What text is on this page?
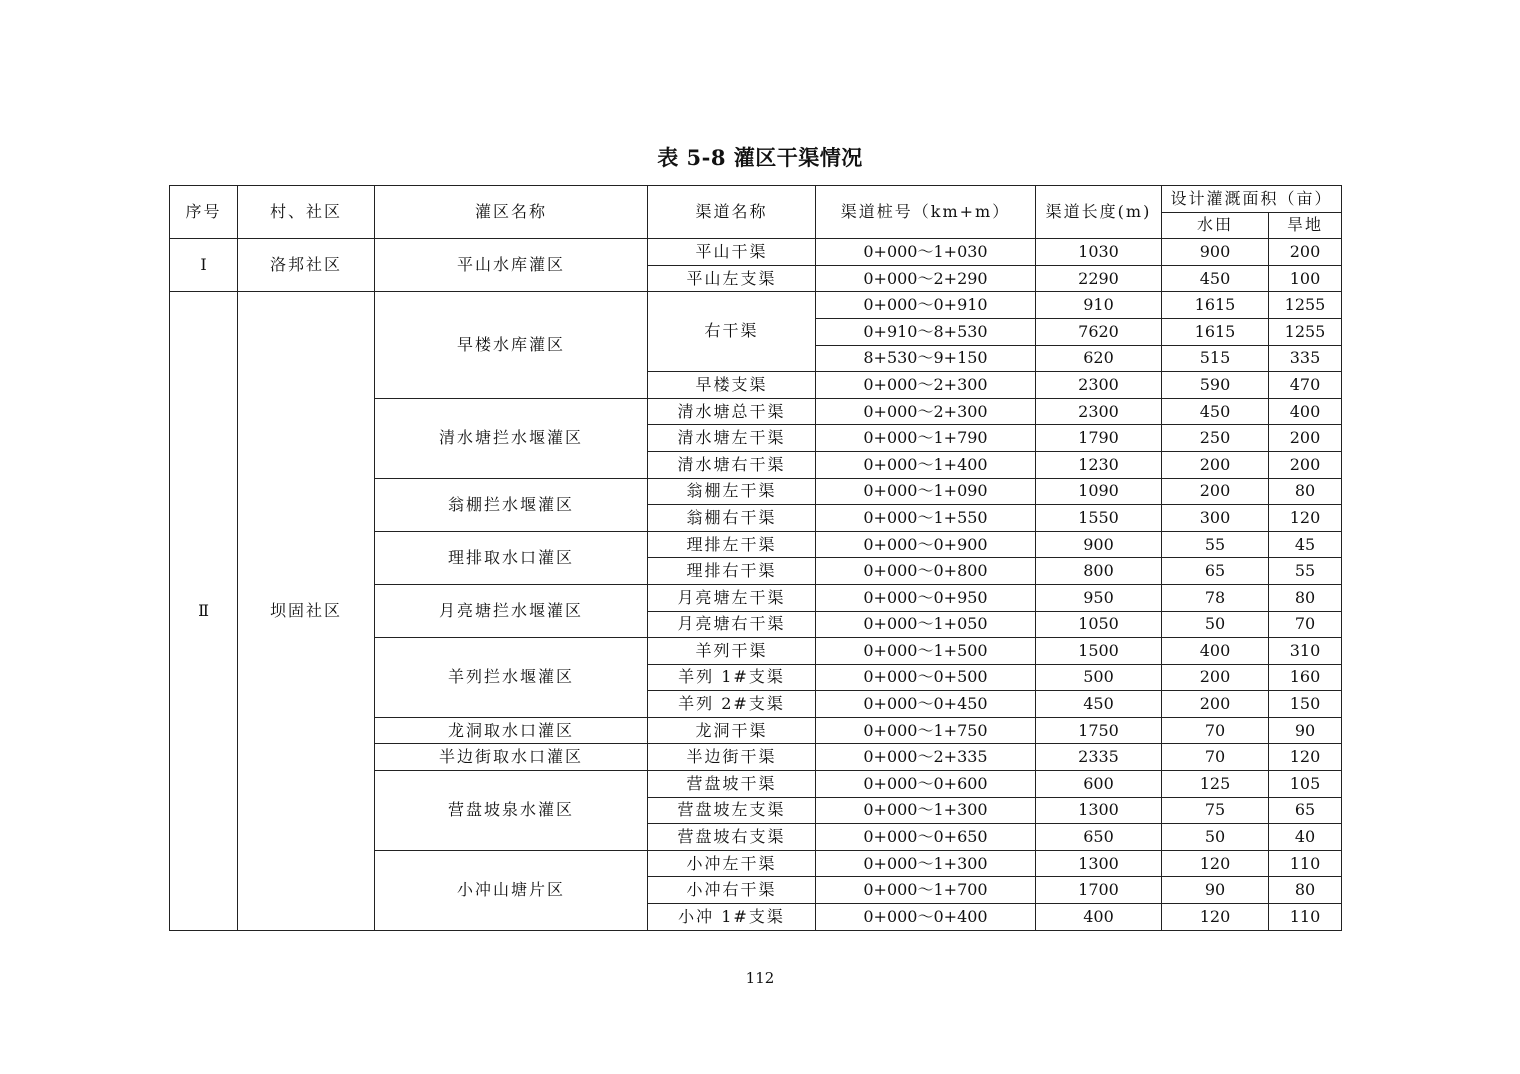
表 5-8 灌区干渠情况
序号	村、社区	灌区名称	渠道名称	渠道桩号（km+m）	渠道长度(m)	设计灌溉面积（亩）	
						水田	旱地
Ⅰ	洛邦社区	平山水库灌区	平山干渠	0+000～1+030	1030	900	200
			平山左支渠	0+000～2+290	2290	450	100
Ⅱ	坝固社区	早楼水库灌区	右干渠	0+000～0+910	910	1615	1255
				0+910～8+530	7620	1615	1255
				8+530～9+150	620	515	335
			早楼支渠	0+000～2+300	2300	590	470
		清水塘拦水堰灌区	清水塘总干渠	0+000～2+300	2300	450	400
			清水塘左干渠	0+000～1+790	1790	250	200
			清水塘右干渠	0+000～1+400	1230	200	200
		翁棚拦水堰灌区	翁棚左干渠	0+000～1+090	1090	200	80
			翁棚右干渠	0+000～1+550	1550	300	120
		理排取水口灌区	理排左干渠	0+000～0+900	900	55	45
			理排右干渠	0+000～0+800	800	65	55
		月亮塘拦水堰灌区	月亮塘左干渠	0+000～0+950	950	78	80
			月亮塘右干渠	0+000～1+050	1050	50	70
		羊列拦水堰灌区	羊列干渠	0+000～1+500	1500	400	310
			羊列 1#支渠	0+000～0+500	500	200	160
			羊列 2#支渠	0+000～0+450	450	200	150
		龙洞取水口灌区	龙洞干渠	0+000～1+750	1750	70	90
		半边街取水口灌区	半边街干渠	0+000～2+335	2335	70	120
		营盘坡泉水灌区	营盘坡干渠	0+000～0+600	600	125	105
			营盘坡左支渠	0+000～1+300	1300	75	65
			营盘坡右支渠	0+000～0+650	650	50	40
		小冲山塘片区	小冲左干渠	0+000～1+300	1300	120	110
			小冲右干渠	0+000～1+700	1700	90	80
			小冲 1#支渠	0+000～0+400	400	120	110
112
